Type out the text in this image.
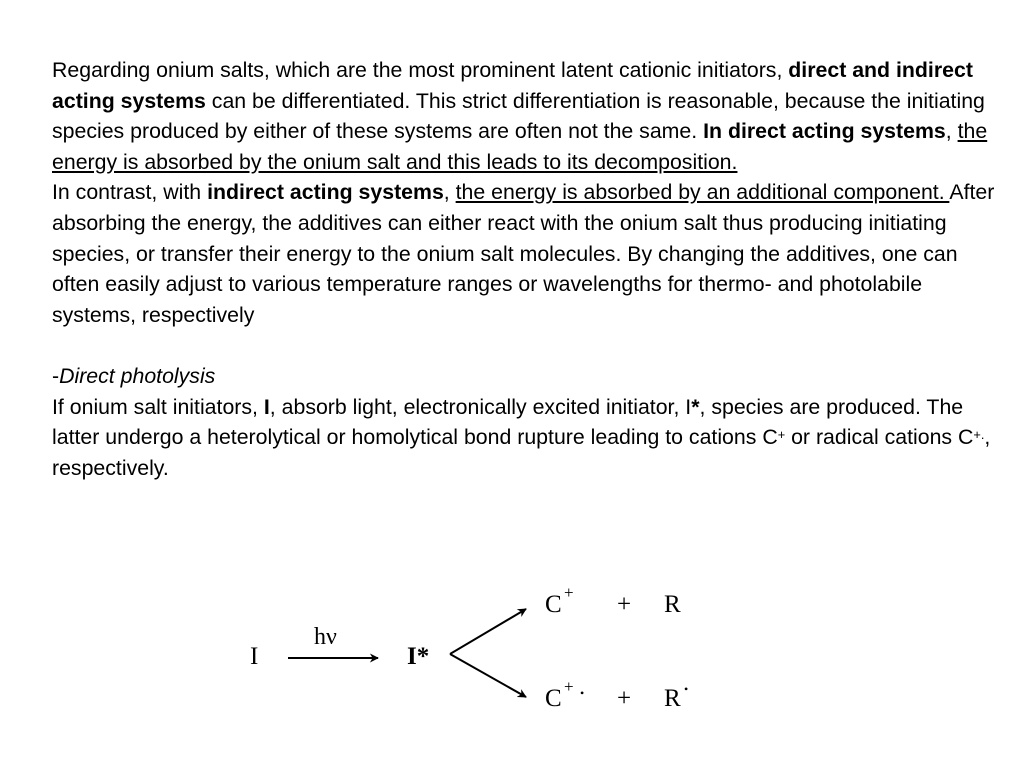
Regarding onium salts, which are the most prominent latent cationic initiators, direct and indirect acting systems can be differentiated. This strict differentiation is reasonable, because the initiating species produced by either of these systems are often not the same. In direct acting systems, the energy is absorbed by the onium salt and this leads to its decomposition.

In contrast, with indirect acting systems, the energy is absorbed by an additional component. After absorbing the energy, the additives can either react with the onium salt thus producing initiating species, or transfer their energy to the onium salt molecules. By changing the additives, one can often easily adjust to various temperature ranges or wavelengths for thermo- and photolabile systems, respectively

-Direct photolysis

If onium salt initiators, I, absorb light, electronically excited initiator, I*, species are produced. The latter undergo a heterolytical or homolytical bond rupture leading to cations C+ or radical cations C+., respectively.

I
hν
I*
C + + R
C + • + R •
